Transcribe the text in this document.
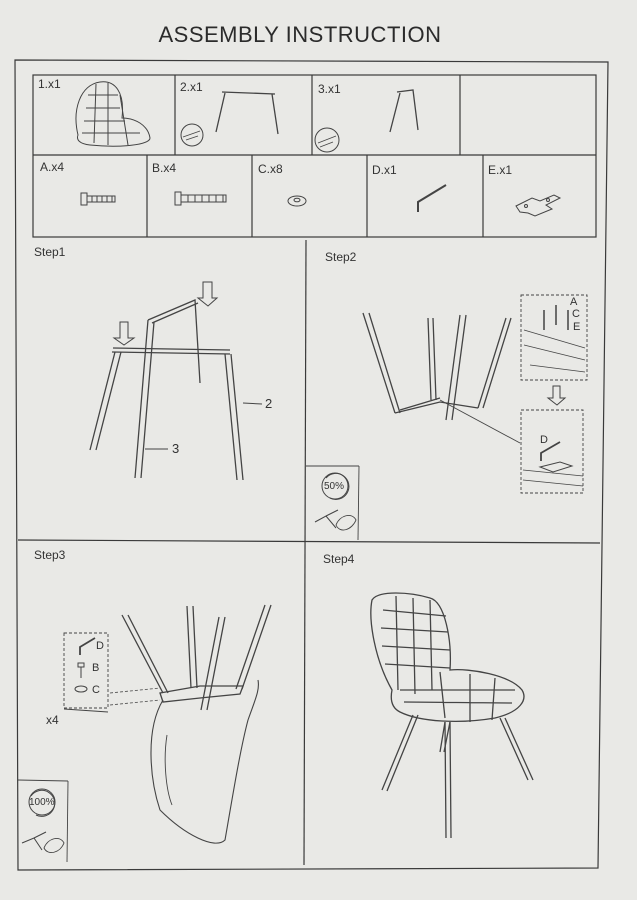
ASSEMBLY INSTRUCTION
1.x1	2.x1	3.x1
A.x4	B.x4	C.x8	D.x1	E.x1
Step1	Step2
Step3	Step4
2
3
A
C
E
D
50%
D
B
C
x4
100%
